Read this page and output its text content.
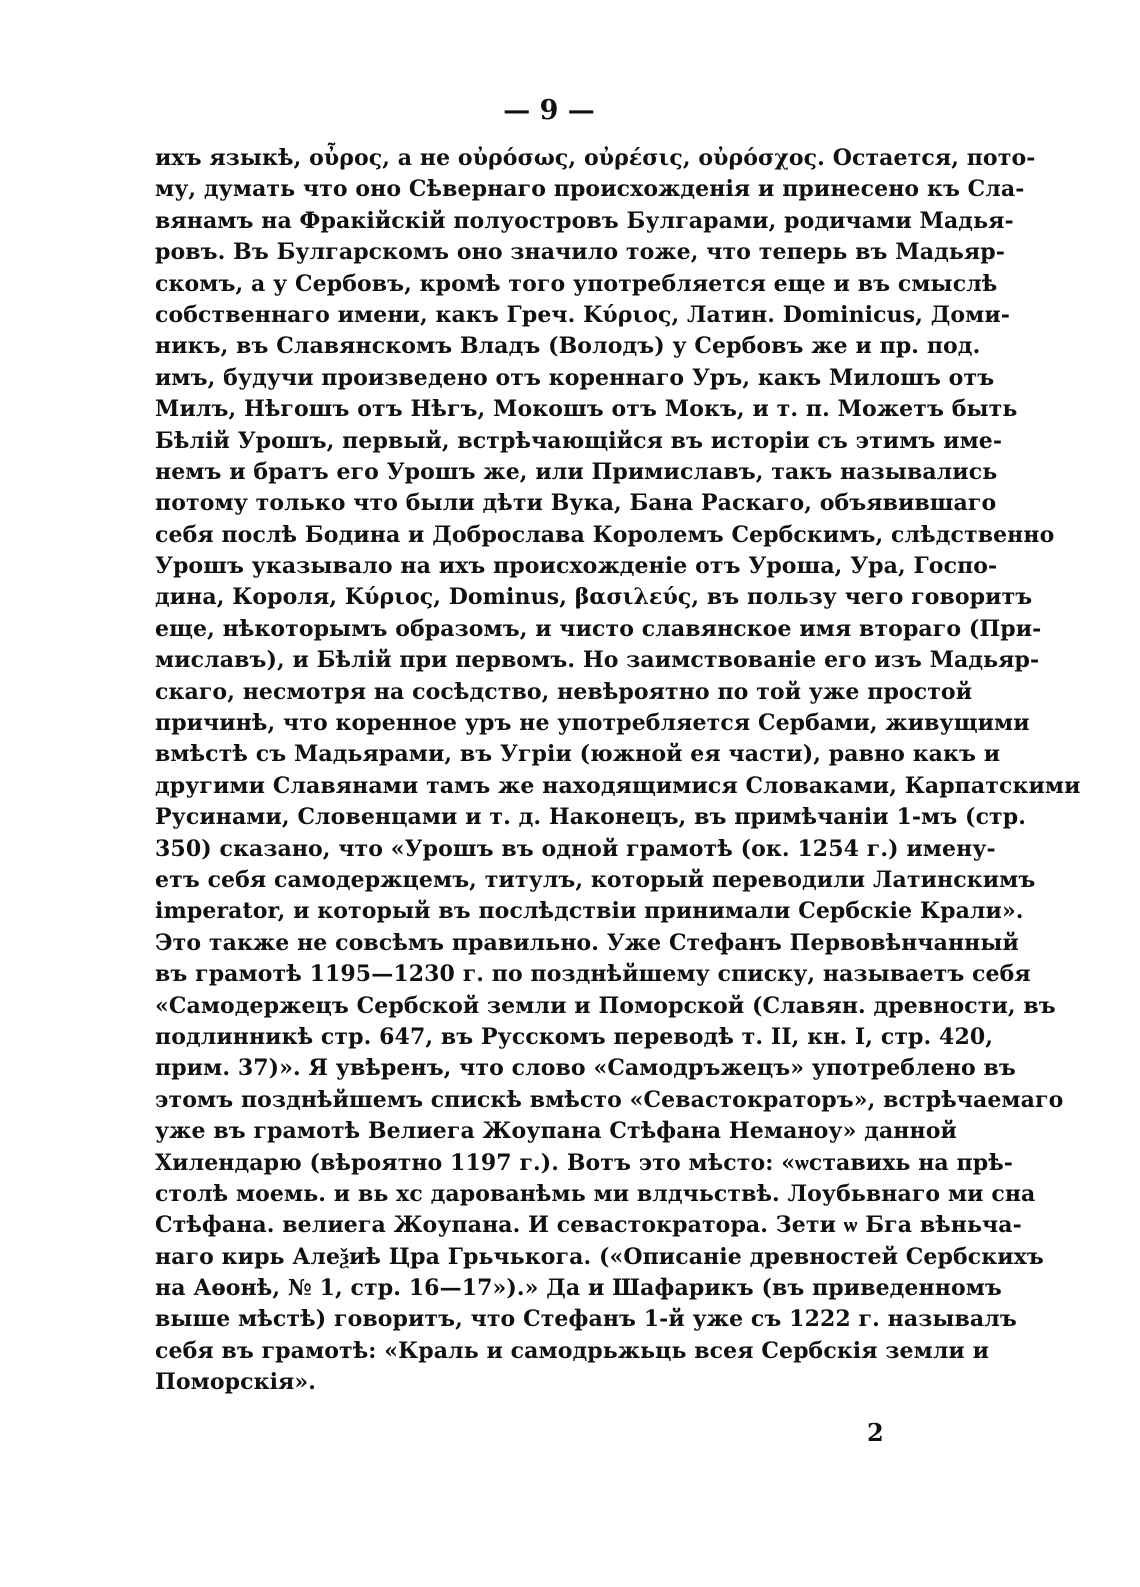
— 9 —
ихъ языкѣ, οὖρος, а не οὐρόσως, οὐρέσις, οὐρόσχος. Остается, пото-
му, думать что оно Сѣвернаго происхожденія и принесено къ Сла-
вянамъ на Фракійскій полуостровъ Булгарами, родичами Мадья-
ровъ. Въ Булгарскомъ оно значило тоже, что теперь въ Мадьяр-
скомъ, а у Сербовъ, кромѣ того употребляется еще и въ смыслѣ
собственнаго имени, какъ Греч. Κύριος, Латин. Dominicus, Доми-
никъ, въ Славянскомъ Владъ (Володъ) у Сербовъ же и пр. под.
имъ, будучи произведено отъ кореннаго Уръ, какъ Милошъ отъ
Милъ, Нѣгошъ отъ Нѣгъ, Мокошъ отъ Мокъ, и т. п. Можетъ быть
Бѣлій Урошъ, первый, встрѣчающійся въ исторіи съ этимъ име-
немъ и братъ его Урошъ же, или Примиславъ, такъ назывались
потому только что были дѣти Вука, Бана Раскаго, объявившаго
себя послѣ Бодина и Доброслава Королемъ Сербскимъ, слѣдственно
Урошъ указывало на ихъ происхожденіе отъ Уроша, Ура, Госпо-
дина, Короля, Κύριος, Dominus, βασιλεύς, въ пользу чего говоритъ
еще, нѣкоторымъ образомъ, и чисто славянское имя втораго (При-
миславъ), и Бѣлій при первомъ. Но заимствованіе его изъ Мадьяр-
скаго, несмотря на сосѣдство, невѣроятно по той уже простой
причинѣ, что коренное уръ не употребляется Сербами, живущими
вмѣстѣ съ Мадьярами, въ Угріи (южной ея части), равно какъ и
другими Славянами тамъ же находящимися Словаками, Карпатскими
Русинами, Словенцами и т. д. Наконецъ, въ примѣчаніи 1-мъ (стр.
350) сказано, что «Урошъ въ одной грамотѣ (ок. 1254 г.) имену-
етъ себя самодержцемъ, титулъ, который переводили Латинскимъ
imperator, и который въ послѣдствіи принимали Сербскіе Крали».
Это также не совсѣмъ правильно. Уже Стефанъ Первовѣнчанный
въ грамотѣ 1195—1230 г. по позднѣйшему списку, называетъ себя
«Самодержецъ Сербской земли и Поморской (Славян. древности, въ
подлинникѣ стр. 647, въ Русскомъ переводѣ т. II, кн. I, стр. 420,
прим. 37)». Я увѣренъ, что слово «Самодръжецъ» употреблено въ
этомъ позднѣйшемъ спискѣ вмѣсто «Севастократоръ», встрѣчаемаго
уже въ грамотѣ Велиега Жоупана Стѣфана Неманоу» данной
Хилендарю (вѣроятно 1197 г.). Вотъ это мѣсто: «ѡставихь на прѣ-
столѣ моемь. и вь хс дарованѣмь ми влдчьствѣ. Лоубьвнаго ми сна
Стѣфана. велиега Жоупана. И севастократора. Зети ѡ Бга вѣньча-
наго кирь Алеѯиѣ Цра Грьчькога. («Описаніе древностей Сербскихъ
на Аѳонѣ, № 1, стр. 16—17»).» Да и Шафарикъ (въ приведенномъ
выше мѣстѣ) говоритъ, что Стефанъ 1-й уже съ 1222 г. называлъ
себя въ грамотѣ: «Краль и самодрьжьць всея Сербскія земли и
Поморскія».
2
